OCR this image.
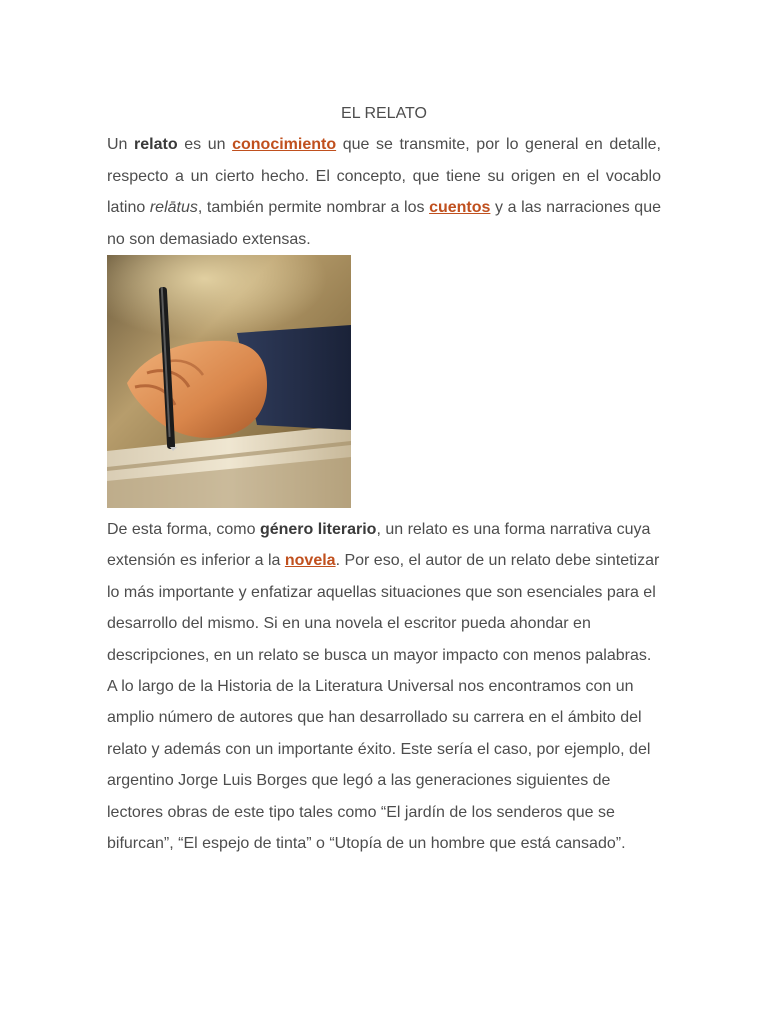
EL RELATO

Un relato es un conocimiento que se transmite, por lo general en detalle, respecto a un cierto hecho. El concepto, que tiene su origen en el vocablo latino relātus, también permite nombrar a los cuentos y a las narraciones que no son demasiado extensas.

De esta forma, como género literario, un relato es una forma narrativa cuya extensión es inferior a la novela. Por eso, el autor de un relato debe sintetizar lo más importante y enfatizar aquellas situaciones que son esenciales para el desarrollo del mismo. Si en una novela el escritor pueda ahondar en descripciones, en un relato se busca un mayor impacto con menos palabras.

A lo largo de la Historia de la Literatura Universal nos encontramos con un amplio número de autores que han desarrollado su carrera en el ámbito del relato y además con un importante éxito. Este sería el caso, por ejemplo, del argentino Jorge Luis Borges que legó a las generaciones siguientes de lectores obras de este tipo tales como “El jardín de los senderos que se bifurcan”, “El espejo de tinta” o “Utopía de un hombre que está cansado”.
